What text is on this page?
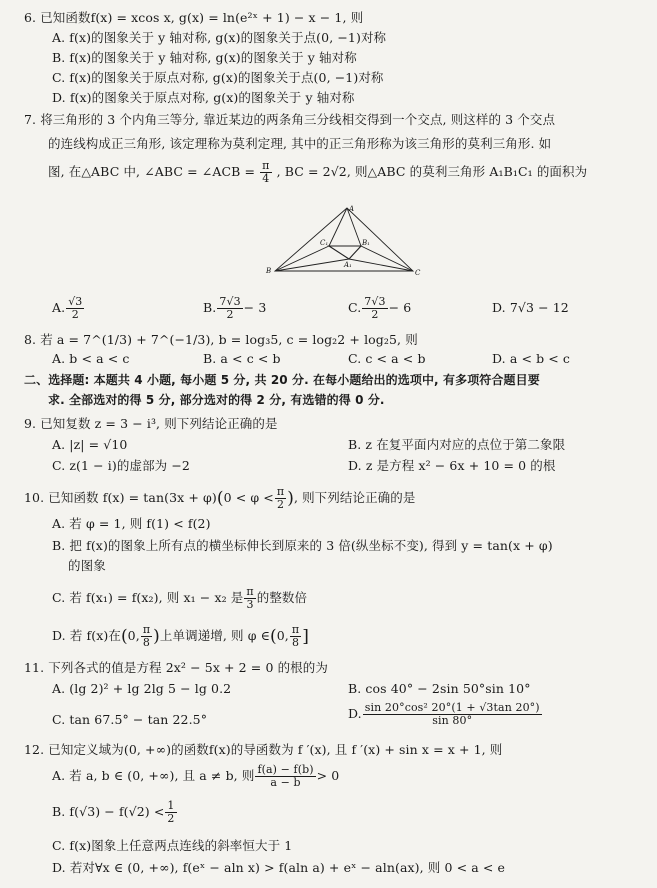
6. 已知函数f(x) = xcos x, g(x) = ln(e²ˣ + 1) − x − 1, 则
A. f(x)的图象关于 y 轴对称, g(x)的图象关于点(0, −1)对称
B. f(x)的图象关于 y 轴对称, g(x)的图象关于 y 轴对称
C. f(x)的图象关于原点对称, g(x)的图象关于点(0, −1)对称
D. f(x)的图象关于原点对称, g(x)的图象关于 y 轴对称
7. 将三角形的 3 个内角三等分, 靠近某边的两条角三分线相交得到一个交点, 则这样的 3 个交点
的连线构成正三角形, 该定理称为莫利定理, 其中的正三角形称为该三角形的莫利三角形. 如
图, 在△ABC 中, ∠ABC = ∠ACB = $\frac{\pi}{4}$ , BC = 2√2, 则△ABC 的莫利三角形 A₁B₁C₁ 的面积为
A
B	C
C₁	B₁
A₁
A. $\frac{√3}{2}$	B. $\frac{7√3}{2} - 3$	C. $\frac{7√3}{2} - 6$	D. 7√3 − 12
8. 若 a = 7^(1/3) + 7^(−1/3), b = log₃5, c = log₂2 + log₂5, 则
A. b < a < c	B. a < c < b	C. c < a < b	D. a < b < c
二、选择题: 本题共 4 小题, 每小题 5 分, 共 20 分. 在每小题给出的选项中, 有多项符合题目要
求. 全部选对的得 5 分, 部分选对的得 2 分, 有选错的得 0 分.
9. 已知复数 z = 3 − i³, 则下列结论正确的是
A. |z| = √10	B. z 在复平面内对应的点位于第二象限
C. z(1 − i)的虚部为 −2	D. z 是方程 x² − 6x + 10 = 0 的根
10. 已知函数 $f(x) = \tan(3x + \varphi)(0 < \varphi < \frac{\pi}{2}$ ), 则下列结论正确的是
A. 若 φ = 1, 则 f(1) < f(2)
B. 把 f(x)的图象上所有点的横坐标伸长到原来的 3 倍(纵坐标不变), 得到 y = tan(x + φ)
的图象
C. 若 f(x₁) = f(x₂), 则 x₁ − x₂ 是 $\frac{\pi}{3}$ 的整数倍
D. 若 f(x)在(0, $\frac{\pi}{8}$ )上单调递增, 则 φ ∈(0, $\frac{\pi}{8}$ ]
11. 下列各式的值是方程 2x² − 5x + 2 = 0 的根的为
A. (lg 2)² + lg 2lg 5 − lg 0.2	B. cos 40° − 2sin 50°sin 10°
C. tan 67.5° − tan 22.5°	D. $\frac{\text{sin 20°cos² 20°(1 + √3tan 20°)}}{\sin 80^\circ}$
12. 已知定义域为(0, +∞)的函数f(x)的导函数为 f ′(x), 且 f ′(x) + sin x = x + 1, 则
A. 若 a, b ∈ (0, +∞), 且 a ≠ b, 则 $\frac{f(a) - f(b)}{a - b} > 0$
B. $f(√3) - f(√2) < \frac{1}{2}$
C. f(x)图象上任意两点连线的斜率恒大于 1
D. 若对∀x ∈ (0, +∞), f(eˣ − aln x) > f(aln a) + eˣ − aln(ax), 则 0 < a < e
